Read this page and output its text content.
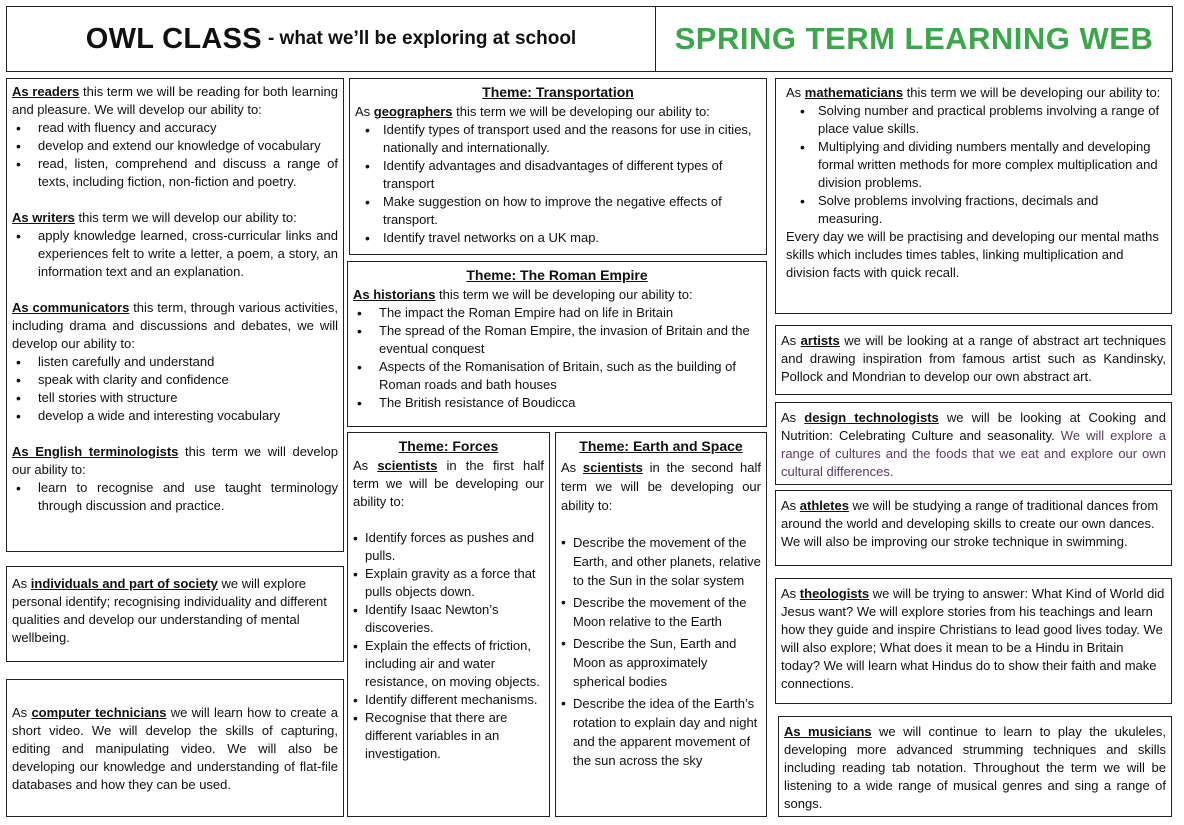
OWL CLASS - what we’ll be exploring at school	SPRING TERM LEARNING WEB

As readers this term we will be reading for both learning and pleasure. We will develop our ability to:

• read with fluency and accuracy
• develop and extend our knowledge of vocabulary
• read, listen, comprehend and discuss a range of texts, including fiction, non-fiction and poetry.

As writers this term we will develop our ability to:

• apply knowledge learned, cross-curricular links and experiences felt to write a letter, a poem, a story, an information text and an explanation.

As communicators this term, through various activities, including drama and discussions and debates, we will develop our ability to:

• listen carefully and understand
• speak with clarity and confidence
• tell stories with structure
• develop a wide and interesting vocabulary

As English terminologists this term we will develop our ability to:

• learn to recognise and use taught terminology through discussion and practice.

As individuals and part of society we will explore personal identify; recognising individuality and different qualities and develop our understanding of mental wellbeing.

As computer technicians we will learn how to create a short video. We will develop the skills of capturing, editing and manipulating video. We will also be developing our knowledge and understanding of flat-file databases and how they can be used.

Theme: Transportation

As geographers this term we will be developing our ability to:

• Identify types of transport used and the reasons for use in cities, nationally and internationally.
• Identify advantages and disadvantages of different types of transport
• Make suggestion on how to improve the negative effects of transport.
• Identify travel networks on a UK map.
Theme: The Roman Empire

As historians this term we will be developing our ability to:

• The impact the Roman Empire had on life in Britain
• The spread of the Roman Empire, the invasion of Britain and the eventual conquest
• Aspects of the Romanisation of Britain, such as the building of Roman roads and bath houses
• The British resistance of Boudicca
Theme: Forces

As scientists in the first half term we will be developing our ability to:

• Identify forces as pushes and pulls.
• Explain gravity as a force that pulls objects down.
• Identify Isaac Newton’s discoveries.
• Explain the effects of friction, including air and water resistance, on moving objects.
• Identify different mechanisms.
• Recognise that there are different variables in an investigation.
Theme: Earth and Space

As scientists in the second half term we will be developing our ability to:

• Describe the movement of the Earth, and other planets, relative to the Sun in the solar system
• Describe the movement of the Moon relative to the Earth
• Describe the Sun, Earth and Moon as approximately spherical bodies
• Describe the idea of the Earth’s rotation to explain day and night and the apparent movement of the sun across the sky

As mathematicians this term we will be developing our ability to:

• Solving number and practical problems involving a range of place value skills.
• Multiplying and dividing numbers mentally and developing formal written methods for more complex multiplication and division problems.
• Solve problems involving fractions, decimals and measuring.

Every day we will be practising and developing our mental maths skills which includes times tables, linking multiplication and division facts with quick recall.

As artists we will be looking at a range of abstract art techniques and drawing inspiration from famous artist such as Kandinsky, Pollock and Mondrian to develop our own abstract art.

As design technologists we will be looking at Cooking and Nutrition: Celebrating Culture and seasonality. We will explore a range of cultures and the foods that we eat and explore our own cultural differences.

As athletes we will be studying a range of traditional dances from around the world and developing skills to create our own dances. We will also be improving our stroke technique in swimming.

As theologists we will be trying to answer: What Kind of World did Jesus want? We will explore stories from his teachings and learn how they guide and inspire Christians to lead good lives today. We will also explore; What does it mean to be a Hindu in Britain today? We will learn what Hindus do to show their faith and make connections.

As musicians we will continue to learn to play the ukuleles, developing more advanced strumming techniques and skills including reading tab notation. Throughout the term we will be listening to a wide range of musical genres and sing a range of songs.
